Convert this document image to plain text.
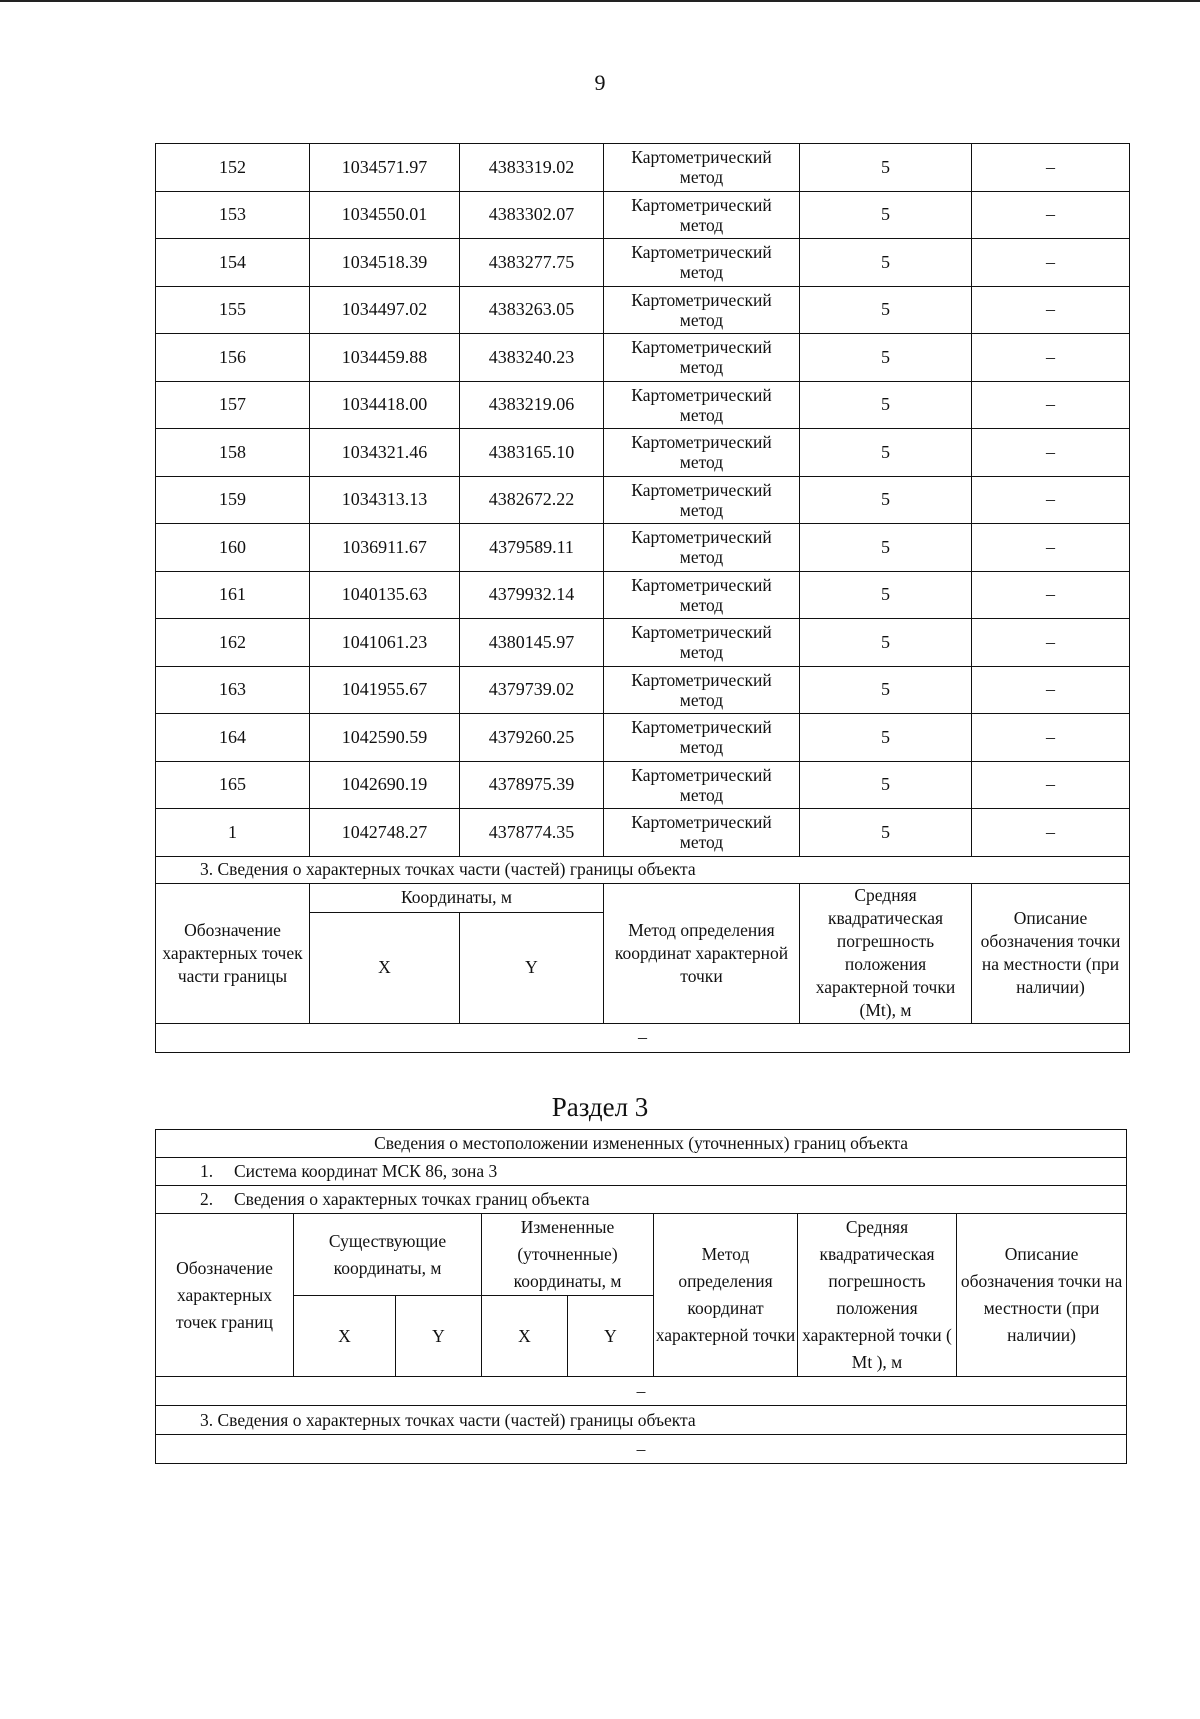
9
152	1034571.97	4383319.02	Картометрический
метод	5	–
153	1034550.01	4383302.07	Картометрический
метод	5	–
154	1034518.39	4383277.75	Картометрический
метод	5	–
155	1034497.02	4383263.05	Картометрический
метод	5	–
156	1034459.88	4383240.23	Картометрический
метод	5	–
157	1034418.00	4383219.06	Картометрический
метод	5	–
158	1034321.46	4383165.10	Картометрический
метод	5	–
159	1034313.13	4382672.22	Картометрический
метод	5	–
160	1036911.67	4379589.11	Картометрический
метод	5	–
161	1040135.63	4379932.14	Картометрический
метод	5	–
162	1041061.23	4380145.97	Картометрический
метод	5	–
163	1041955.67	4379739.02	Картометрический
метод	5	–
164	1042590.59	4379260.25	Картометрический
метод	5	–
165	1042690.19	4378975.39	Картометрический
метод	5	–
1	1042748.27	4378774.35	Картометрический
метод	5	–
3. Сведения о характерных точках части (частей) границы объекта					
Обозначение характерных точек части границы	Координаты, м		Метод определения координат характерной точки	Средняя квадратическая погрешность положения характерной точки (Mt), м	Описание обозначения точки на местности (при наличии)
	X	Y			
–					
Раздел 3
Сведения о местоположении измененных (уточненных) границ объекта							
1. Система координат МСК 86, зона 3							
2. Сведения о характерных точках границ объекта							
Обозначение характерных точек границ	Существующие координаты, м		Измененные (уточненные) координаты, м		Метод определения координат характерной точки	Средняя квадратическая погрешность положения характерной точки ( Mt ), м	Описание обозначения точки на местности (при наличии)
	X	Y	X	Y			
–							
3. Сведения о характерных точках части (частей) границы объекта							
–							
